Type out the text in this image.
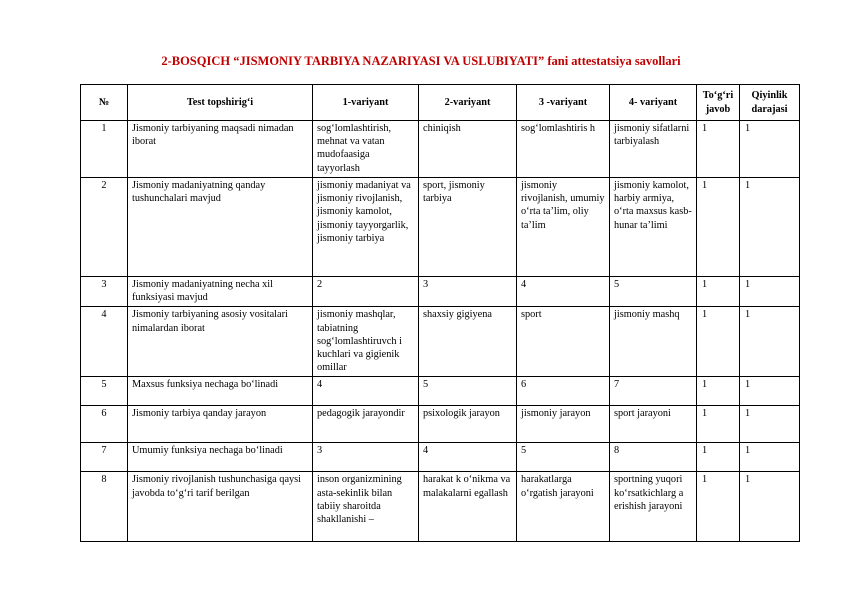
2-BOSQICH “JISMONIY TARBIYA NAZARIYASI VA USLUBIYATI” fani attestatsiya savollari
№	Test topshirig‘i	1-variyant	2-variyant	3 -variyant	4- variyant	To‘g‘ri javob	Qiyinlik darajasi
1	Jismoniy tarbiyaning maqsadi nimadan iborat	sog‘lomlashtirish, mehnat va vatan mudofaasiga tayyorlash	chiniqish	sog‘lomlashtiris h	jismoniy sifatlarni tarbiyalash	1	1
2	Jismoniy madaniyatning qanday tushunchalari mavjud	jismoniy madaniyat va jismoniy rivojlanish, jismoniy kamolot, jismoniy tayyorgarlik, jismoniy tarbiya	sport, jismoniy tarbiya	jismoniy rivojlanish, umumiy o‘rta ta’lim, oliy ta’lim	jismoniy kamolot, harbiy armiya, o‘rta maxsus kasb-hunar ta’limi	1	1
3	Jismoniy madaniyatning necha xil funksiyasi mavjud	2	3	4	5	1	1
4	Jismoniy tarbiyaning asosiy vositalari nimalardan iborat	jismoniy mashqlar, tabiatning sog‘lomlashtiruvch i kuchlari va gigienik omillar	shaxsiy gigiyena	sport	jismoniy mashq	1	1
5	Maxsus funksiya nechaga bo‘linadi	4	5	6	7	1	1
6	Jismoniy tarbiya qanday jarayon	pedagogik jarayondir	psixologik jarayon	jismoniy jarayon	sport jarayoni	1	1
7	Umumiy funksiya nechaga bo‘linadi	3	4	5	8	1	1
8	Jismoniy rivojlanish tushunchasiga qaysi javobda to‘g‘ri tarif berilgan	inson organizmining asta-sekinlik bilan tabiiy sharoitda shakllanishi –	harakat k o‘nikma va malakalarni egallash	harakatlarga o‘rgatish jarayoni	sportning yuqori ko‘rsatkichlarg a erishish jarayoni	1	1
